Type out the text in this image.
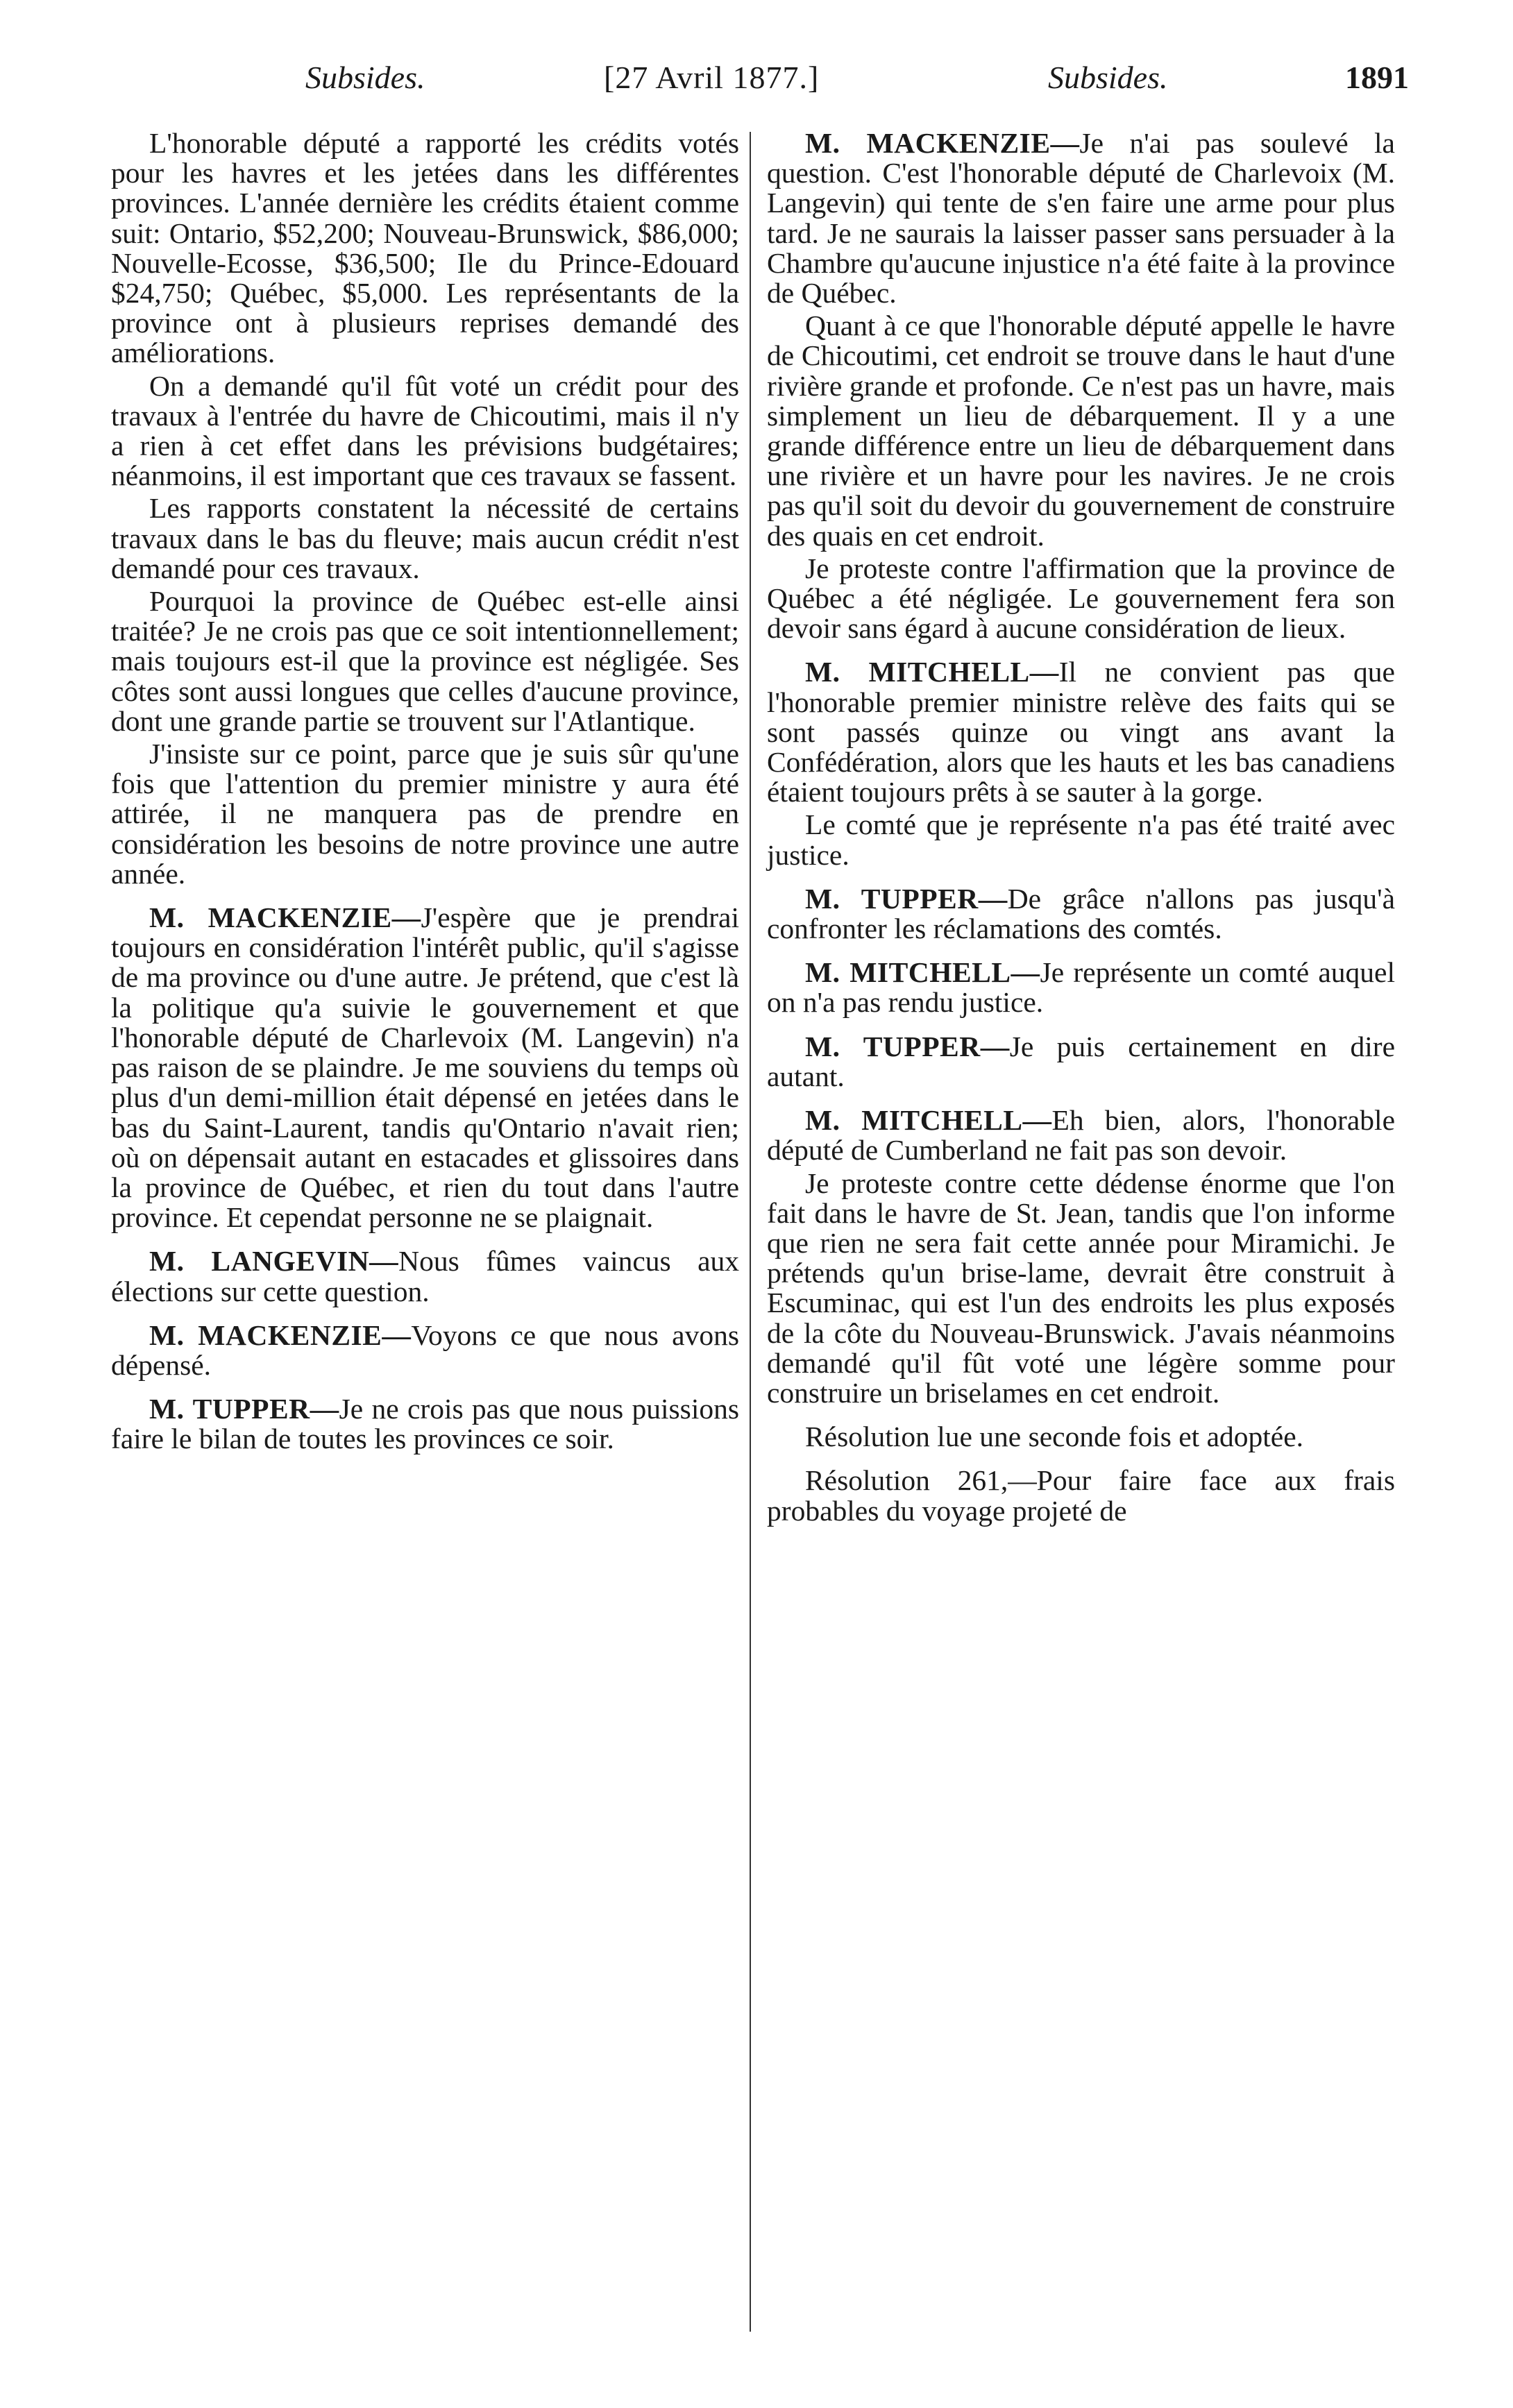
Subsides.	[27 Avril 1877.]	Subsides.	1891

L'honorable député a rapporté les crédits votés pour les havres et les jetées dans les différentes provinces. L'année dernière les crédits étaient comme suit: Ontario, $52,200; Nouveau-Brunswick, $86,000; Nouvelle-Ecosse, $36,500; Ile du Prince-Edouard $24,750; Québec, $5,000. Les représentants de la province ont à plusieurs reprises demandé des améliorations.

On a demandé qu'il fût voté un crédit pour des travaux à l'entrée du havre de Chicoutimi, mais il n'y a rien à cet effet dans les prévisions budgétaires; néanmoins, il est important que ces travaux se fassent.

Les rapports constatent la nécessité de certains travaux dans le bas du fleuve; mais aucun crédit n'est demandé pour ces travaux.

Pourquoi la province de Québec est-elle ainsi traitée? Je ne crois pas que ce soit intentionnellement; mais toujours est-il que la province est négligée. Ses côtes sont aussi longues que celles d'aucune province, dont une grande partie se trouvent sur l'Atlantique.

J'insiste sur ce point, parce que je suis sûr qu'une fois que l'attention du premier ministre y aura été attirée, il ne manquera pas de prendre en considération les besoins de notre province une autre année.

M. MACKENZIE—J'espère que je prendrai toujours en considération l'intérêt public, qu'il s'agisse de ma province ou d'une autre. Je prétend, que c'est là la politique qu'a suivie le gouvernement et que l'honorable député de Charlevoix (M. Langevin) n'a pas raison de se plaindre. Je me souviens du temps où plus d'un demi-million était dépensé en jetées dans le bas du Saint-Laurent, tandis qu'Ontario n'avait rien; où on dépensait autant en estacades et glissoires dans la province de Québec, et rien du tout dans l'autre province. Et cependat personne ne se plaignait.

M. LANGEVIN—Nous fûmes vaincus aux élections sur cette question.

M. MACKENZIE—Voyons ce que nous avons dépensé.

M. TUPPER—Je ne crois pas que nous puissions faire le bilan de toutes les provinces ce soir.

M. MACKENZIE—Je n'ai pas soulevé la question. C'est l'honorable député de Charlevoix (M. Langevin) qui tente de s'en faire une arme pour plus tard. Je ne saurais la laisser passer sans persuader à la Chambre qu'aucune injustice n'a été faite à la province de Québec.

Quant à ce que l'honorable député appelle le havre de Chicoutimi, cet endroit se trouve dans le haut d'une rivière grande et profonde. Ce n'est pas un havre, mais simplement un lieu de débarquement. Il y a une grande différence entre un lieu de débarquement dans une rivière et un havre pour les navires. Je ne crois pas qu'il soit du devoir du gouvernement de construire des quais en cet endroit.

Je proteste contre l'affirmation que la province de Québec a été négligée. Le gouvernement fera son devoir sans égard à aucune considération de lieux.

M. MITCHELL—Il ne convient pas que l'honorable premier ministre relève des faits qui se sont passés quinze ou vingt ans avant la Confédération, alors que les hauts et les bas canadiens étaient toujours prêts à se sauter à la gorge.

Le comté que je représente n'a pas été traité avec justice.

M. TUPPER—De grâce n'allons pas jusqu'à confronter les réclamations des comtés.

M. MITCHELL—Je représente un comté auquel on n'a pas rendu justice.

M. TUPPER—Je puis certainement en dire autant.

M. MITCHELL—Eh bien, alors, l'honorable député de Cumberland ne fait pas son devoir.

Je proteste contre cette dédense énorme que l'on fait dans le havre de St. Jean, tandis que l'on informe que rien ne sera fait cette année pour Miramichi. Je prétends qu'un brise-lame, devrait être construit à Escuminac, qui est l'un des endroits les plus exposés de la côte du Nouveau-Brunswick. J'avais néanmoins demandé qu'il fût voté une légère somme pour construire un briselames en cet endroit.

Résolution lue une seconde fois et adoptée.

Résolution 261,—Pour faire face aux frais probables du voyage projeté de
